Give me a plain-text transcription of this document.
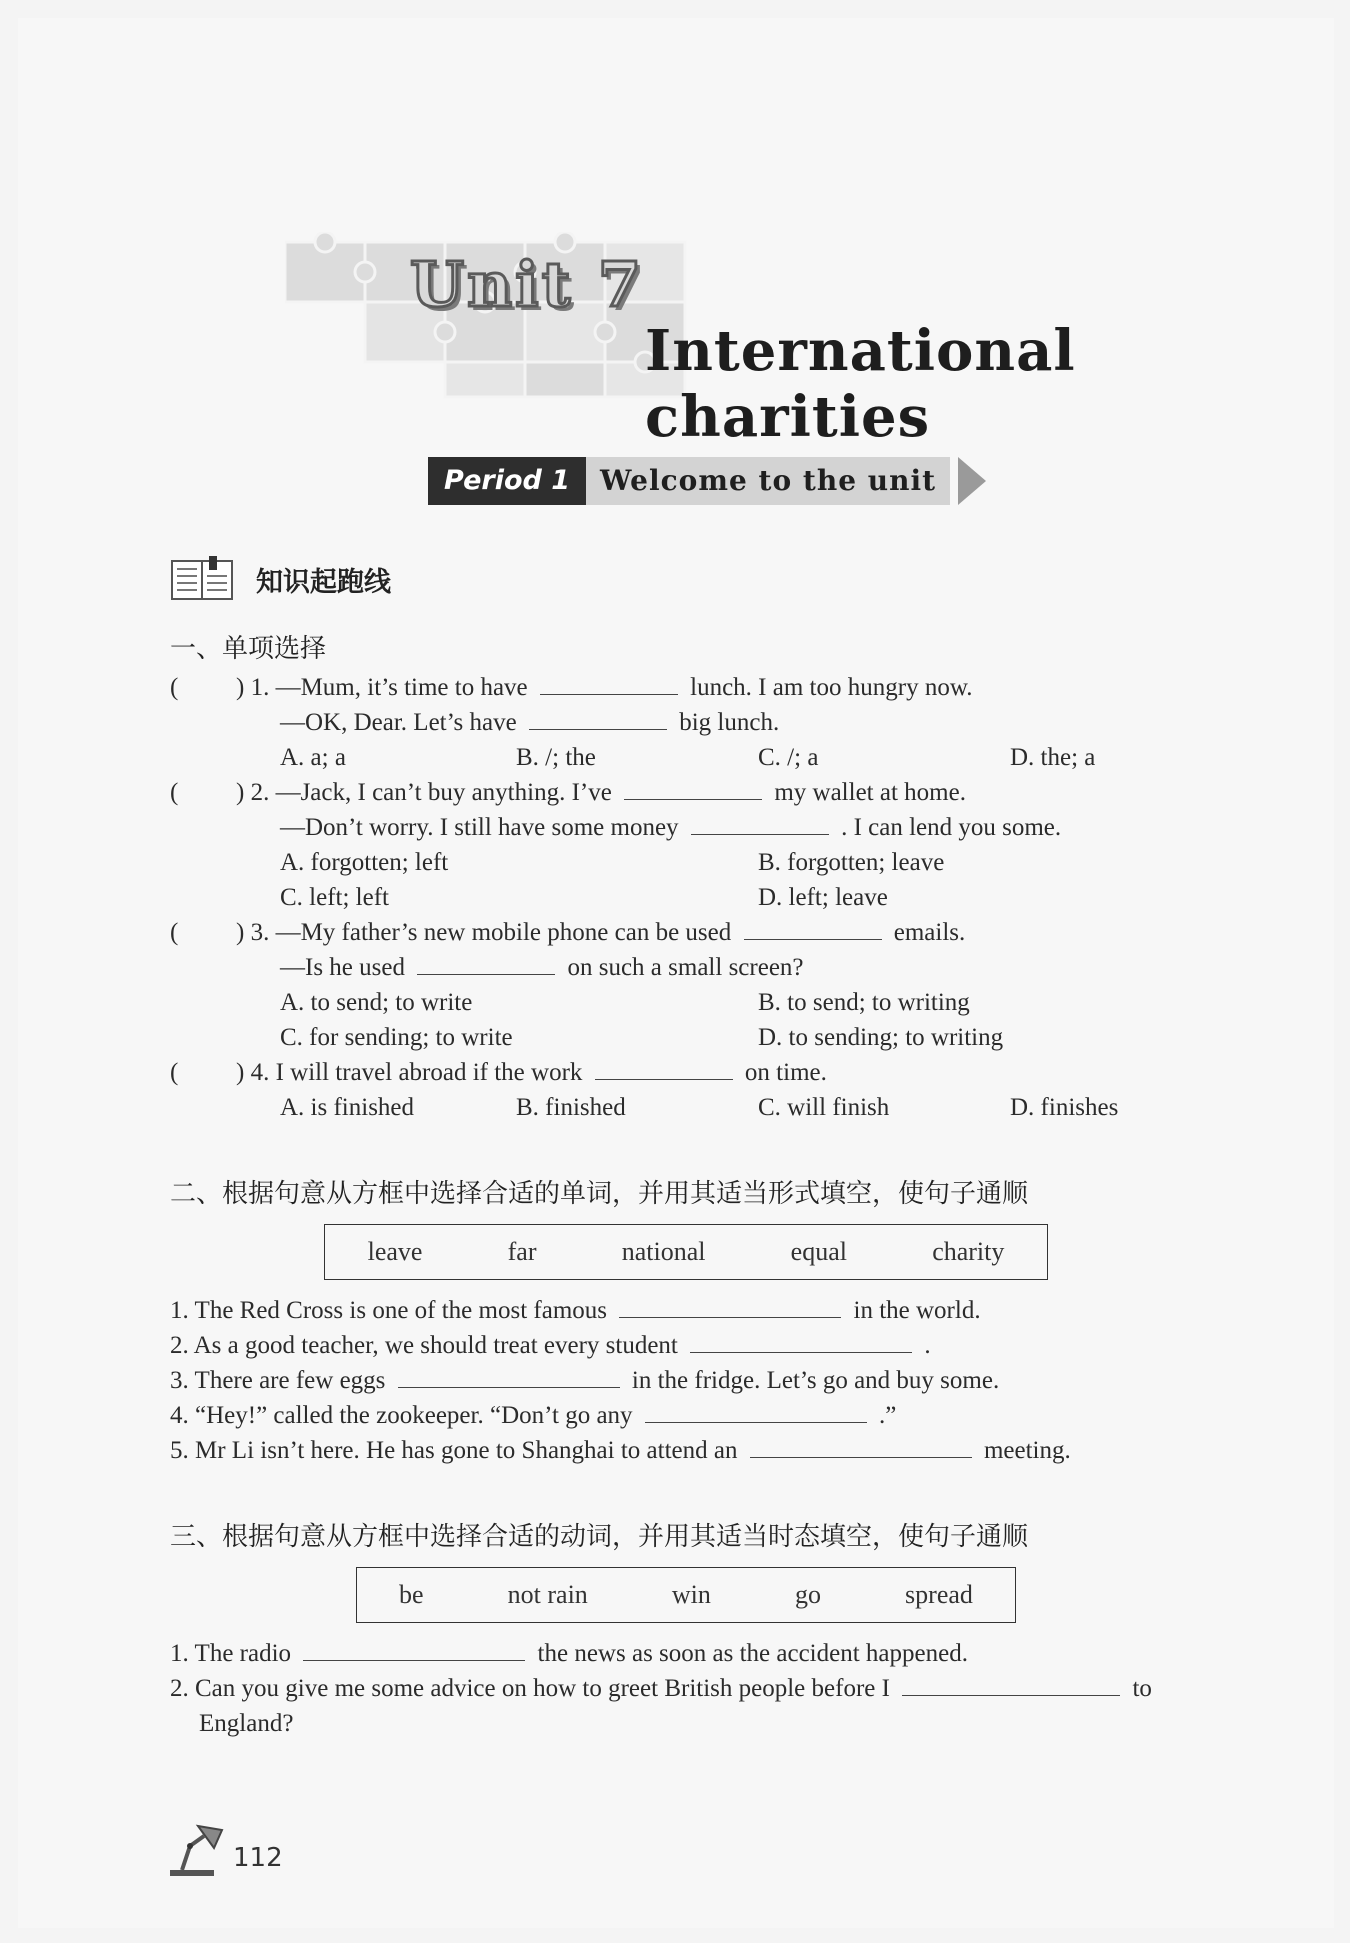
Unit 7
International charities
Period 1	Welcome to the unit
知识起跑线
一、单项选择
( ) 1. —Mum, it’s time to have	lunch. I am too hungry now.
—OK, Dear. Let’s have	big lunch.
A. a; a	B. /; the	C. /; a	D. the; a
( ) 2. —Jack, I can’t buy anything. I’ve	my wallet at home.
—Don’t worry. I still have some money	. I can lend you some.
A. forgotten; left	B. forgotten; leave
C. left; left	D. left; leave
( ) 3. —My father’s new mobile phone can be used	emails.
—Is he used	on such a small screen?
A. to send; to write	B. to send; to writing
C. for sending; to write	D. to sending; to writing
( ) 4. I will travel abroad if the work	on time.
A. is finished	B. finished	C. will finish	D. finishes
二、根据句意从方框中选择合适的单词，并用其适当形式填空，使句子通顺
leave	far	national	equal	charity
1. The Red Cross is one of the most famous	in the world.
2. As a good teacher, we should treat every student	.
3. There are few eggs	in the fridge. Let’s go and buy some.
4. “Hey!” called the zookeeper. “Don’t go any	.”
5. Mr Li isn’t here. He has gone to Shanghai to attend an	meeting.
三、根据句意从方框中选择合适的动词，并用其适当时态填空，使句子通顺
be	not rain	win	go	spread
1. The radio	the news as soon as the accident happened.
2. Can you give me some advice on how to greet British people before I	to
England?
112
